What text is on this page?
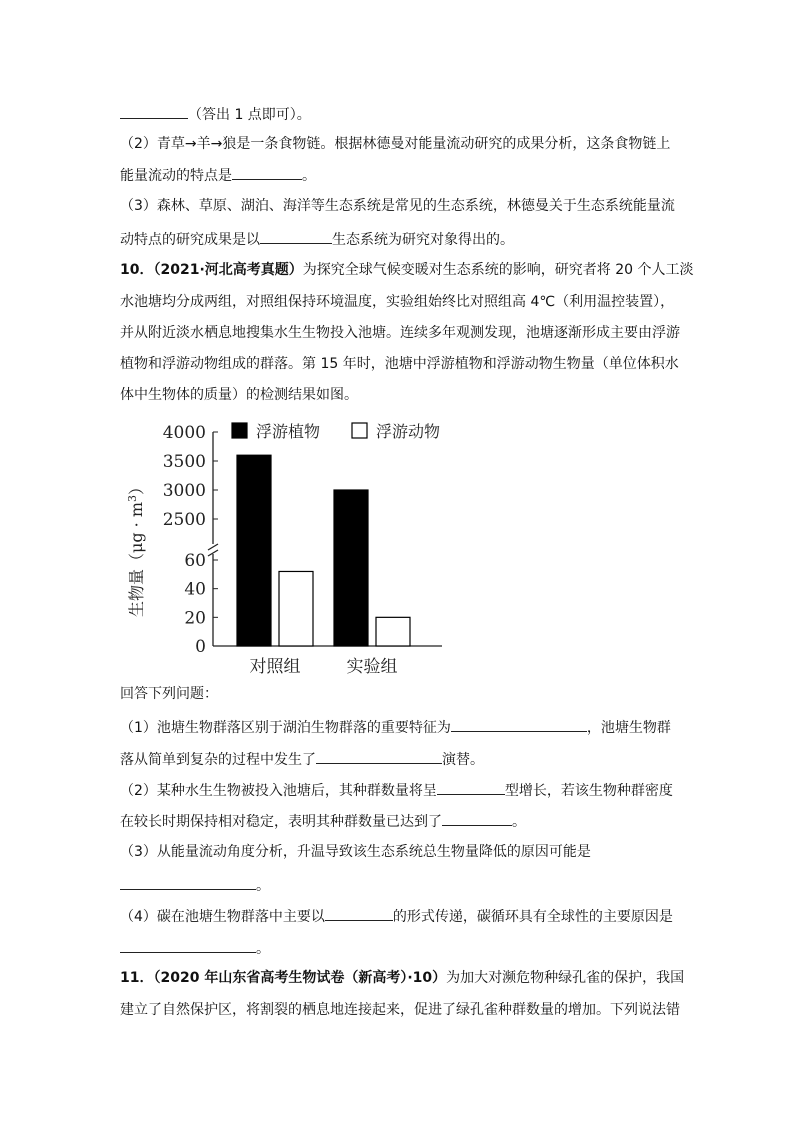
（答出 1 点即可）。
（2）青草→羊→狼是一条食物链。根据林德曼对能量流动研究的成果分析，这条食物链上
能量流动的特点是	。
（3）森林、草原、湖泊、海洋等生态系统是常见的生态系统，林德曼关于生态系统能量流
动特点的研究成果是以	生态系统为研究对象得出的。
10．（2021·河北高考真题）为探究全球气候变暖对生态系统的影响，研究者将 20 个人工淡
水池塘均分成两组，对照组保持环境温度，实验组始终比对照组高 4℃（利用温控装置），
并从附近淡水栖息地搜集水生生物投入池塘。连续多年观测发现，池塘逐渐形成主要由浮游
植物和浮游动物组成的群落。第 15 年时，池塘中浮游植物和浮游动物生物量（单位体积水
体中生物体的质量）的检测结果如图。
0
20
40
60
2500
3000
3500
4000	浮游植物	浮游动物
对照组	实验组
生物量$(\mu g \cdot m^3)$
回答下列问题：
（1）池塘生物群落区别于湖泊生物群落的重要特征为	，池塘生物群
落从简单到复杂的过程中发生了	演替。
（2）某种水生生物被投入池塘后，其种群数量将呈	型增长，若该生物种群密度
在较长时期保持相对稳定，表明其种群数量已达到了	。
（3）从能量流动角度分析，升温导致该生态系统总生物量降低的原因可能是
。
（4）碳在池塘生物群落中主要以	的形式传递，碳循环具有全球性的主要原因是
。
11．（2020 年山东省高考生物试卷（新高考）·10）为加大对濒危物种绿孔雀的保护，我国
建立了自然保护区，将割裂的栖息地连接起来，促进了绿孔雀种群数量的增加。下列说法错
